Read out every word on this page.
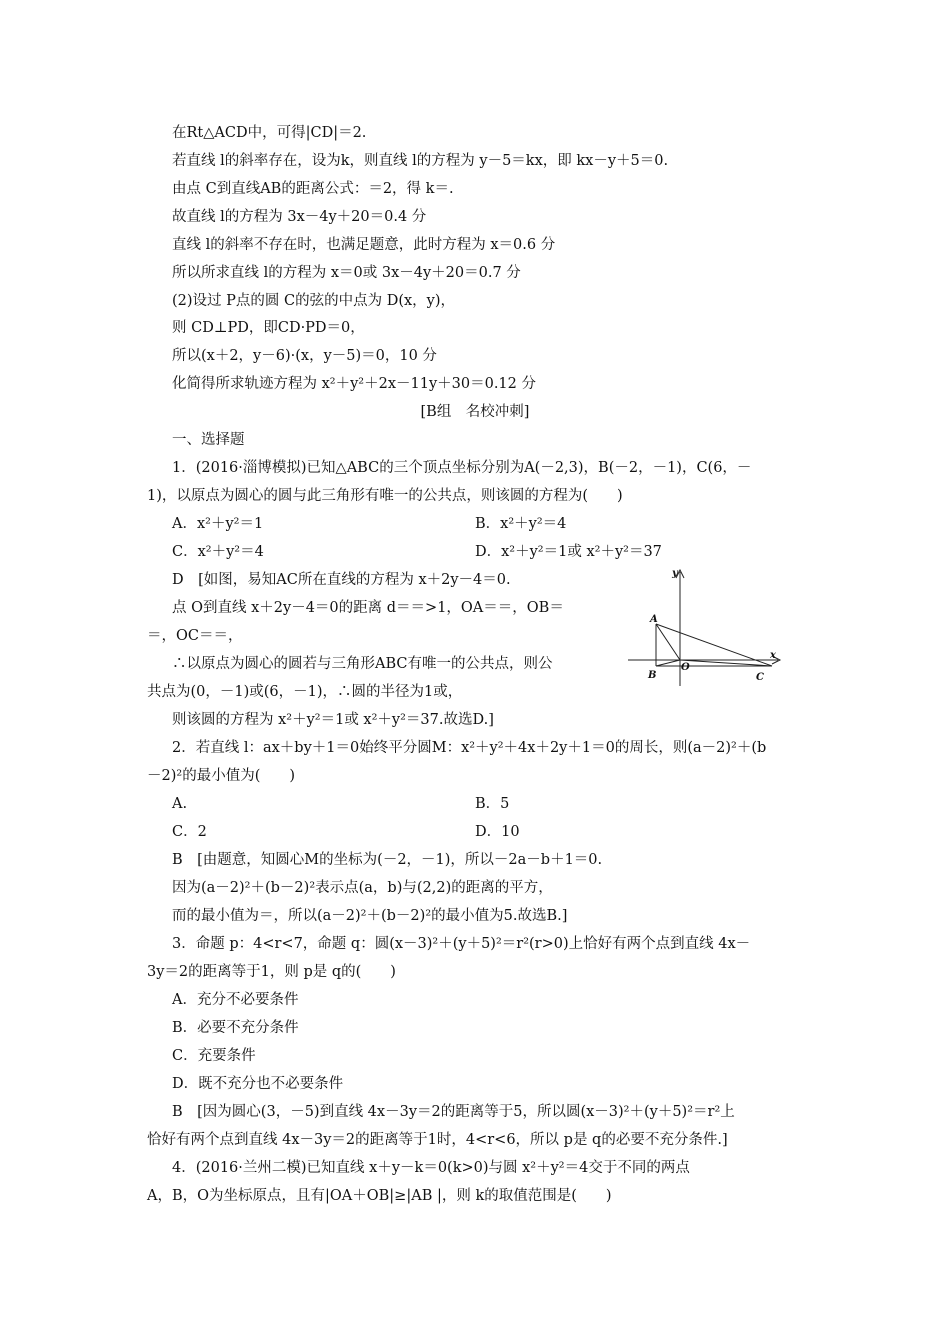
在Rt△ACD中，可得|CD|＝2.
若直线 l的斜率存在，设为k，则直线 l的方程为 y－5＝kx，即 kx－y＋5＝0.
由点 C到直线AB的距离公式：＝2，得 k＝.
故直线 l的方程为 3x－4y＋20＝0.4 分
直线 l的斜率不存在时，也满足题意，此时方程为 x＝0.6 分
所以所求直线 l的方程为 x＝0或 3x－4y＋20＝0.7 分
(2)设过 P点的圆 C的弦的中点为 D(x，y)，
则 CD⊥PD，即CD·PD＝0，
所以(x＋2，y－6)·(x，y－5)＝0，10 分
化简得所求轨迹方程为 x²＋y²＋2x－11y＋30＝0.12 分
[B组　名校冲刺]
一、选择题
1．(2016·淄博模拟)已知△ABC的三个顶点坐标分别为A(－2,3)，B(－2，－1)，C(6，－
1)，以原点为圆心的圆与此三角形有唯一的公共点，则该圆的方程为(　　)
A．x²＋y²＝1	B．x²＋y²＝4
C．x²＋y²＝4	D．x²＋y²＝1或 x²＋y²＝37
D　[如图，易知AC所在直线的方程为 x＋2y－4＝0.
点 O到直线 x＋2y－4＝0的距离 d＝＝>1，OA＝＝，OB＝
＝，OC＝＝，
∴以原点为圆心的圆若与三角形ABC有唯一的公共点，则公
共点为(0，－1)或(6，－1)，∴圆的半径为1或，
则该圆的方程为 x²＋y²＝1或 x²＋y²＝37.故选D.]
y
x
A
B	C
O
2．若直线 l：ax＋by＋1＝0始终平分圆M：x²＋y²＋4x＋2y＋1＝0的周长，则(a－2)²＋(b
－2)²的最小值为(　　)
A.	B．5
C．2	D．10
B　[由题意，知圆心M的坐标为(－2，－1)，所以－2a－b＋1＝0.
因为(a－2)²＋(b－2)²表示点(a，b)与(2,2)的距离的平方，
而的最小值为＝，所以(a－2)²＋(b－2)²的最小值为5.故选B.]
3．命题 p：4<r<7，命题 q：圆(x－3)²＋(y＋5)²＝r²(r>0)上恰好有两个点到直线 4x－
3y＝2的距离等于1，则 p是 q的(　　)
A．充分不必要条件
B．必要不充分条件
C．充要条件
D．既不充分也不必要条件
B　[因为圆心(3，－5)到直线 4x－3y＝2的距离等于5，所以圆(x－3)²＋(y＋5)²＝r²上
恰好有两个点到直线 4x－3y＝2的距离等于1时，4<r<6，所以 p是 q的必要不充分条件.]
4．(2016·兰州二模)已知直线 x＋y－k＝0(k>0)与圆 x²＋y²＝4交于不同的两点
A，B，O为坐标原点，且有|OA＋OB|≥|AB |，则 k的取值范围是(　　)
